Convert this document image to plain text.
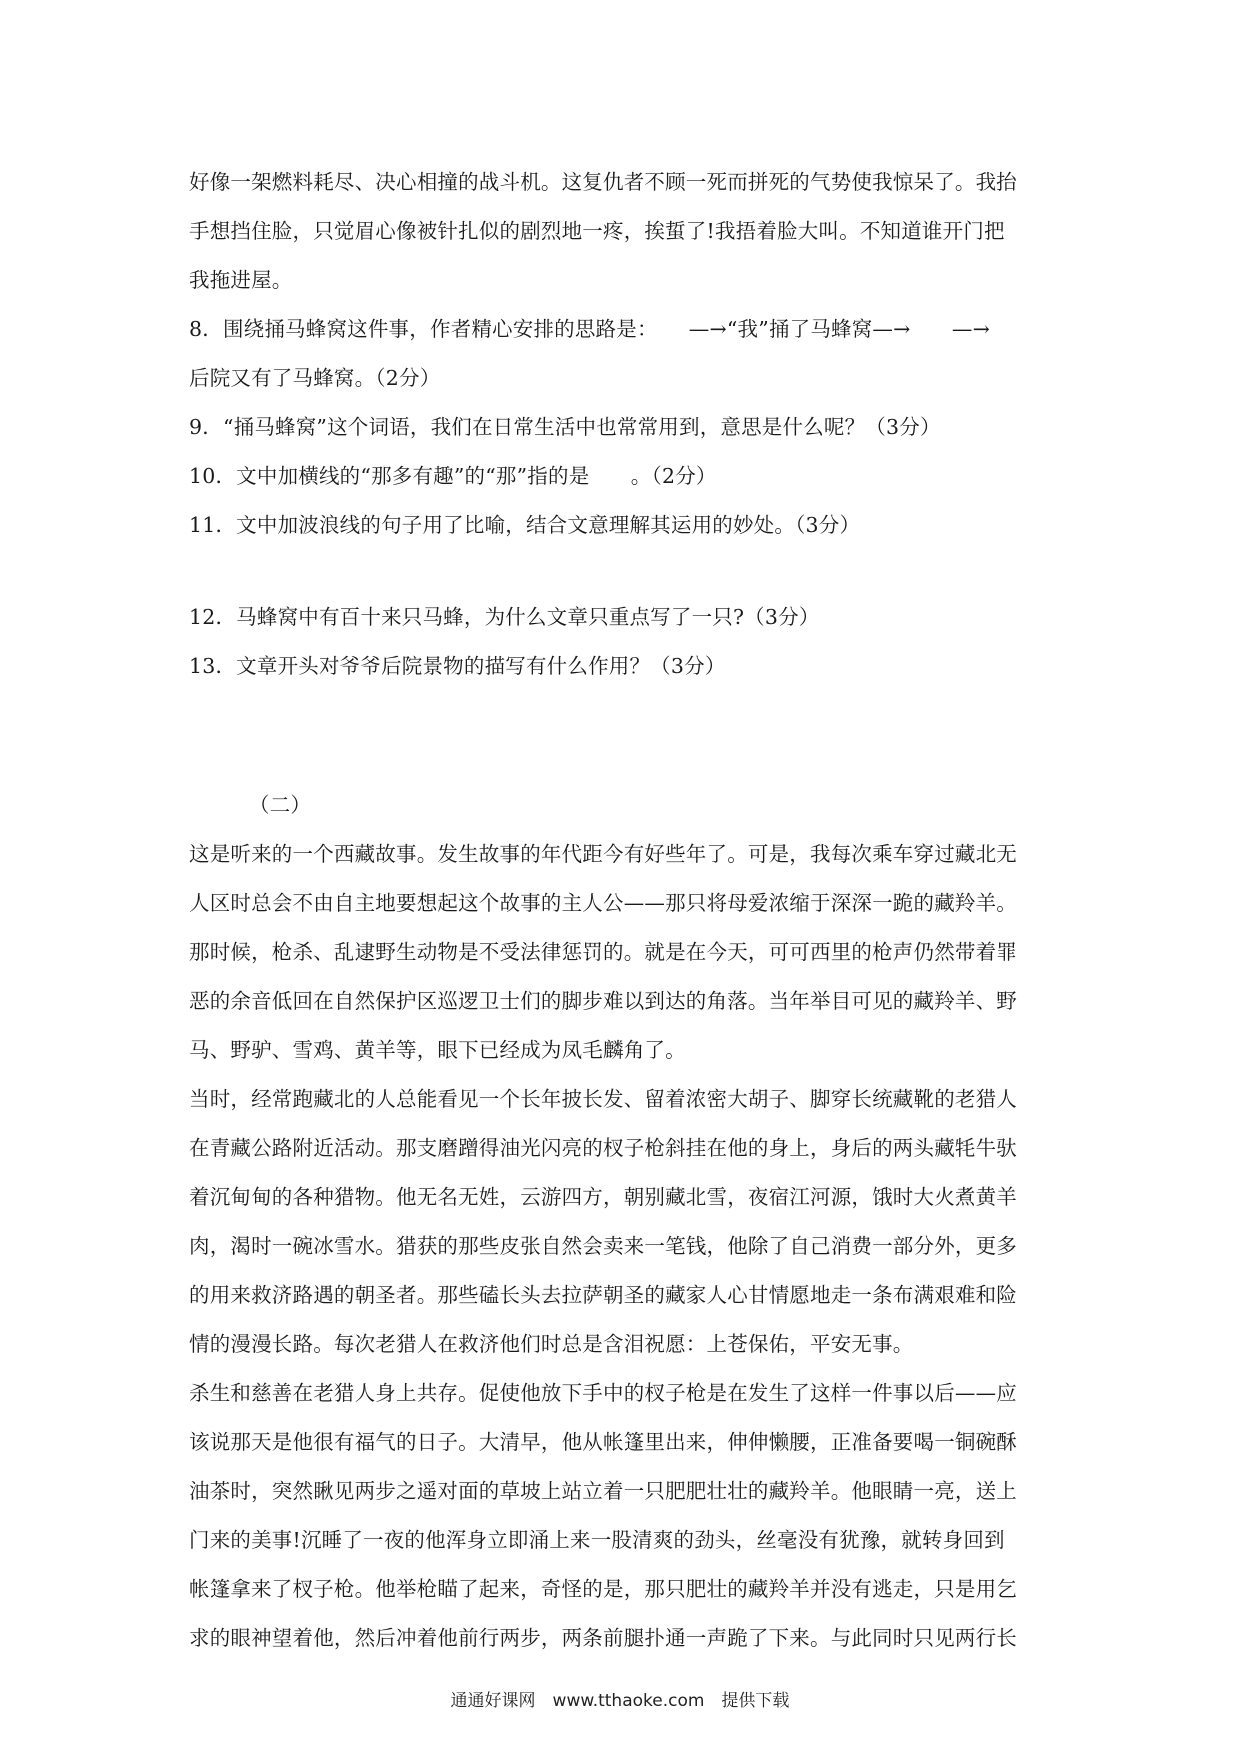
好像一架燃料耗尽、决心相撞的战斗机。这复仇者不顾一死而拼死的气势使我惊呆了。我抬
手想挡住脸，只觉眉心像被针扎似的剧烈地一疼，挨蜇了!我捂着脸大叫。不知道谁开门把
我拖进屋。
8．围绕捅马蜂窝这件事，作者精心安排的思路是：　　—→“我”捅了马蜂窝—→　　—→
后院又有了马蜂窝。（2分）
9．“捅马蜂窝”这个词语，我们在日常生活中也常常用到，意思是什么呢？（3分）
10．文中加横线的“那多有趣”的“那”指的是　　。（2分）
11．文中加波浪线的句子用了比喻，结合文意理解其运用的妙处。（3分）
12．马蜂窝中有百十来只马蜂，为什么文章只重点写了一只?（3分）
13．文章开头对爷爷后院景物的描写有什么作用？（3分）
（二）
这是听来的一个西藏故事。发生故事的年代距今有好些年了。可是，我每次乘车穿过藏北无
人区时总会不由自主地要想起这个故事的主人公——那只将母爱浓缩于深深一跪的藏羚羊。
那时候，枪杀、乱逮野生动物是不受法律惩罚的。就是在今天，可可西里的枪声仍然带着罪
恶的余音低回在自然保护区巡逻卫士们的脚步难以到达的角落。当年举目可见的藏羚羊、野
马、野驴、雪鸡、黄羊等，眼下已经成为凤毛麟角了。
当时，经常跑藏北的人总能看见一个长年披长发、留着浓密大胡子、脚穿长统藏靴的老猎人
在青藏公路附近活动。那支磨蹭得油光闪亮的杈子枪斜挂在他的身上，身后的两头藏牦牛驮
着沉甸甸的各种猎物。他无名无姓，云游四方，朝别藏北雪，夜宿江河源，饿时大火煮黄羊
肉，渴时一碗冰雪水。猎获的那些皮张自然会卖来一笔钱，他除了自己消费一部分外，更多
的用来救济路遇的朝圣者。那些磕长头去拉萨朝圣的藏家人心甘情愿地走一条布满艰难和险
情的漫漫长路。每次老猎人在救济他们时总是含泪祝愿：上苍保佑，平安无事。
杀生和慈善在老猎人身上共存。促使他放下手中的杈子枪是在发生了这样一件事以后——应
该说那天是他很有福气的日子。大清早，他从帐篷里出来，伸伸懒腰，正准备要喝一铜碗酥
油茶时，突然瞅见两步之遥对面的草坡上站立着一只肥肥壮壮的藏羚羊。他眼睛一亮，送上
门来的美事!沉睡了一夜的他浑身立即涌上来一股清爽的劲头，丝毫没有犹豫，就转身回到
帐篷拿来了杈子枪。他举枪瞄了起来，奇怪的是，那只肥壮的藏羚羊并没有逃走，只是用乞
求的眼神望着他，然后冲着他前行两步，两条前腿扑通一声跪了下来。与此同时只见两行长
通通好课网　www.tthaoke.com　提供下载
